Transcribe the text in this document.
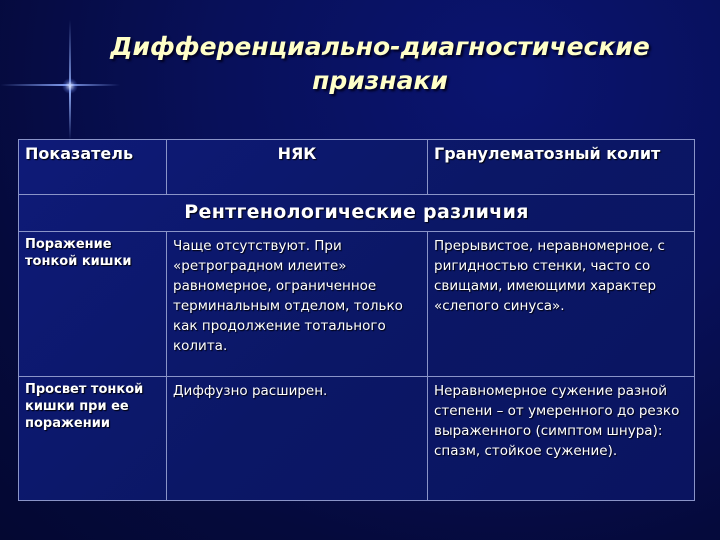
Дифференциально-диагностические признаки
Показатель	НЯК	Гранулематозный колит
Рентгенологические различия		
Поражение тонкой кишки	Чаще отсутствуют. При «ретроградном илеите» равномерное, ограниченное терминальным отделом, только как продолжение тотального колита.	Прерывистое, неравномерное, с ригидностью стенки, часто со свищами, имеющими характер «слепого синуса».
Просвет тонкой кишки при ее поражении	Диффузно расширен.	Неравномерное сужение разной степени – от умеренного до резко выраженного (симптом шнура): спазм, стойкое сужение).
